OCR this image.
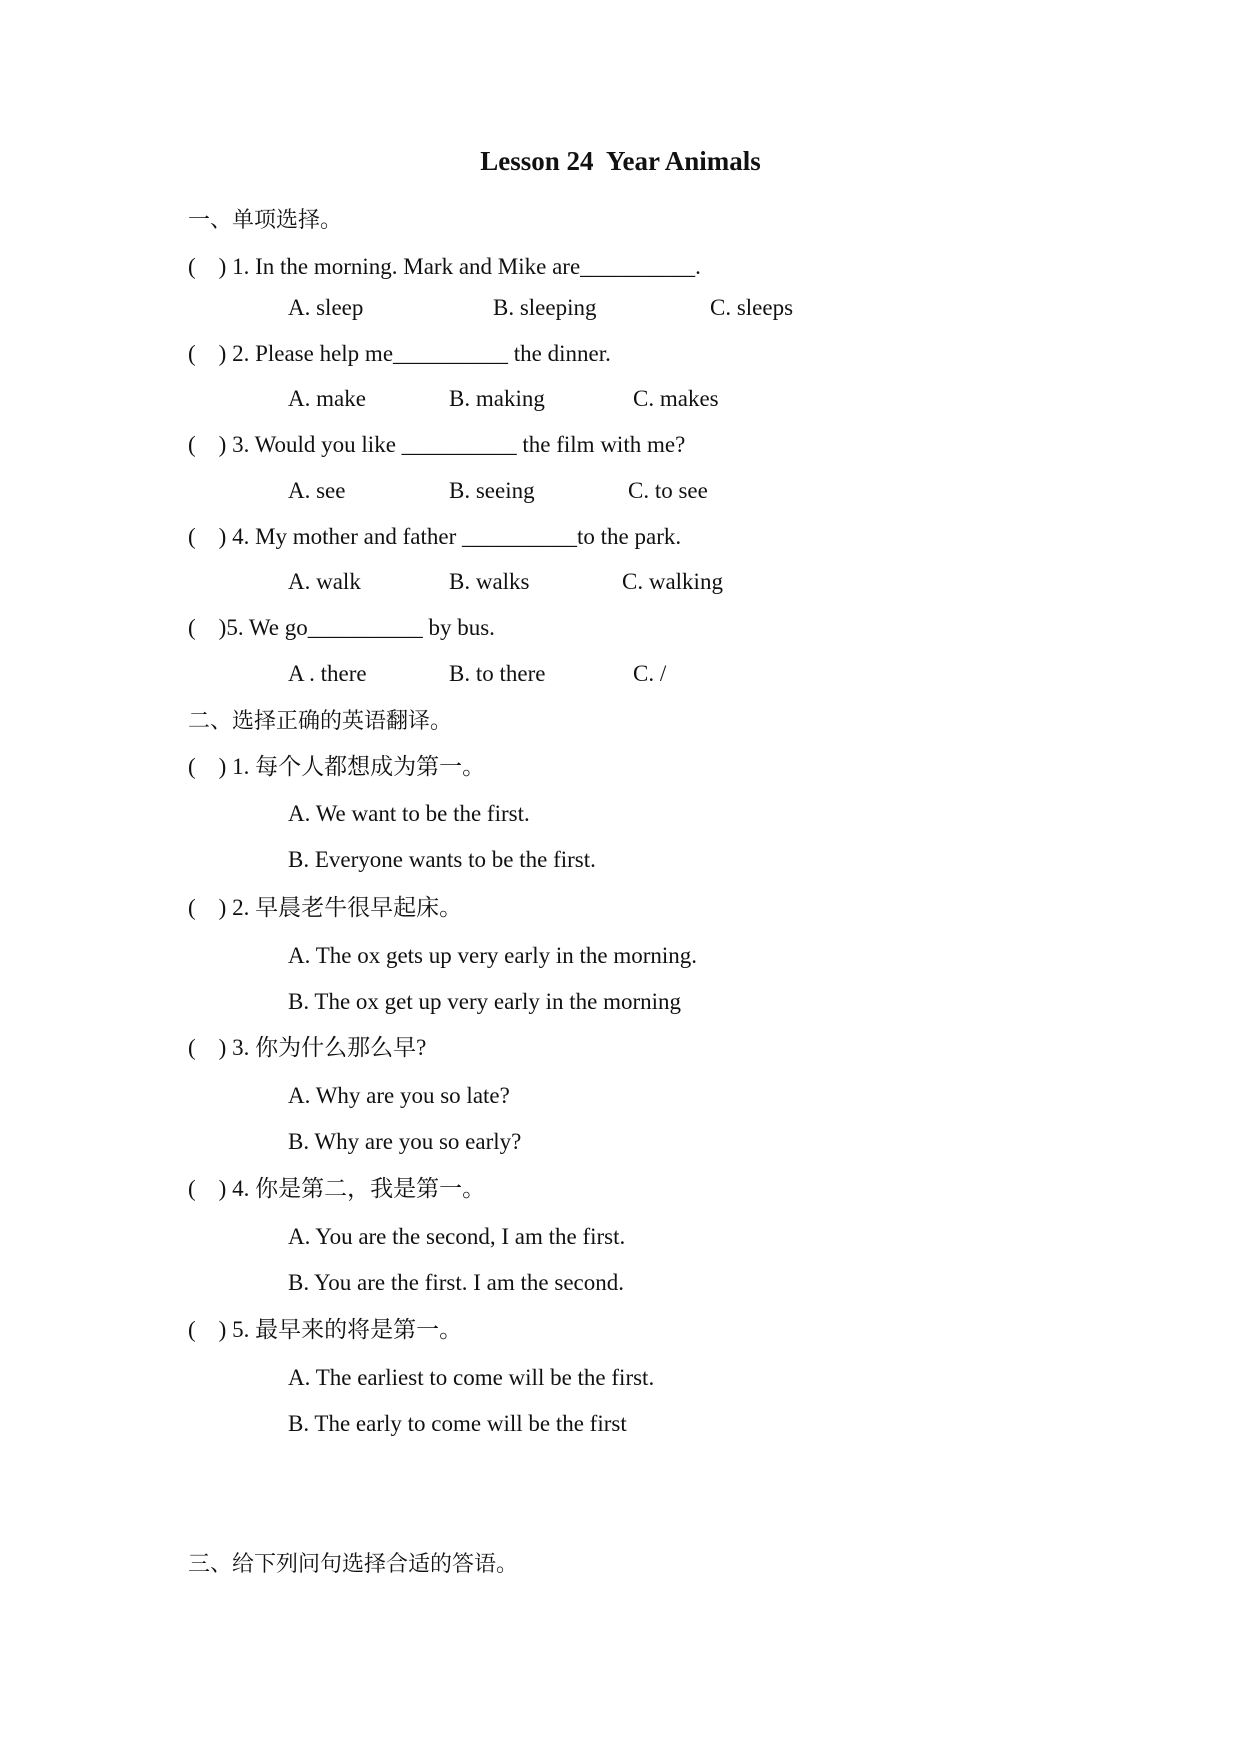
Lesson 24  Year Animals
一、单项选择。
(    ) 1. In the morning. Mark and Mike are__________.
A. sleep	B. sleeping	C. sleeps
(    ) 2. Please help me__________ the dinner.
A. make	B. making	C. makes
(    ) 3. Would you like __________ the film with me?
A. see	B. seeing	C. to see
(    ) 4. My mother and father __________to the park.
A. walk	B. walks	C. walking
(    )5. We go__________ by bus.
A . there	B. to there	C. /
二、选择正确的英语翻译。
(    ) 1. 每个人都想成为第一。
A. We want to be the first.
B. Everyone wants to be the first.
(    ) 2. 早晨老牛很早起床。
A. The ox gets up very early in the morning.
B. The ox get up very early in the morning
(    ) 3. 你为什么那么早?
A. Why are you so late?
B. Why are you so early?
(    ) 4. 你是第二，我是第一。
A. You are the second, I am the first.
B. You are the first. I am the second.
(    ) 5. 最早来的将是第一。
A. The earliest to come will be the first.
B. The early to come will be the first
三、给下列问句选择合适的答语。
